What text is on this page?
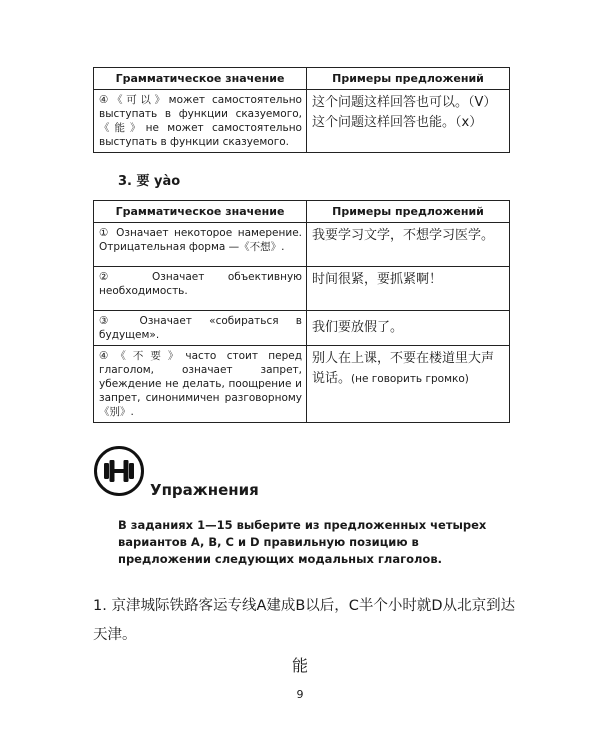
Грамматическое значение	Примеры предложений
④《可以》может самостоятельно выступать в функции сказуемого,《能》не может самостоятельно выступать в функции сказуемого.	这个问题这样回答也可以。（V）
这个问题这样回答也能。（x）
3. 要 yào
Грамматическое значение	Примеры предложений
① Означает некоторое намерение. Отрицательная форма —《不想》.	我要学习文学，不想学习医学。
② Означает объективную необходимость.	时间很紧，要抓紧啊！
③ Означает «собираться в будущем».	我们要放假了。
④《不要》часто стоит перед глаголом, означает запрет, убеждение не делать, поощрение и запрет, синонимичен разговорному《别》.	别人在上课，不要在楼道里大声说话。(не говорить громко)
Упражнения
В заданиях 1—15 выберите из предложенных четырех вариантов A, B, C и D правильную позицию в предложении следующих модальных глаголов.
1. 京津城际铁路客运专线A建成B以后，C半个小时就D从北京到达天津。
能
9
